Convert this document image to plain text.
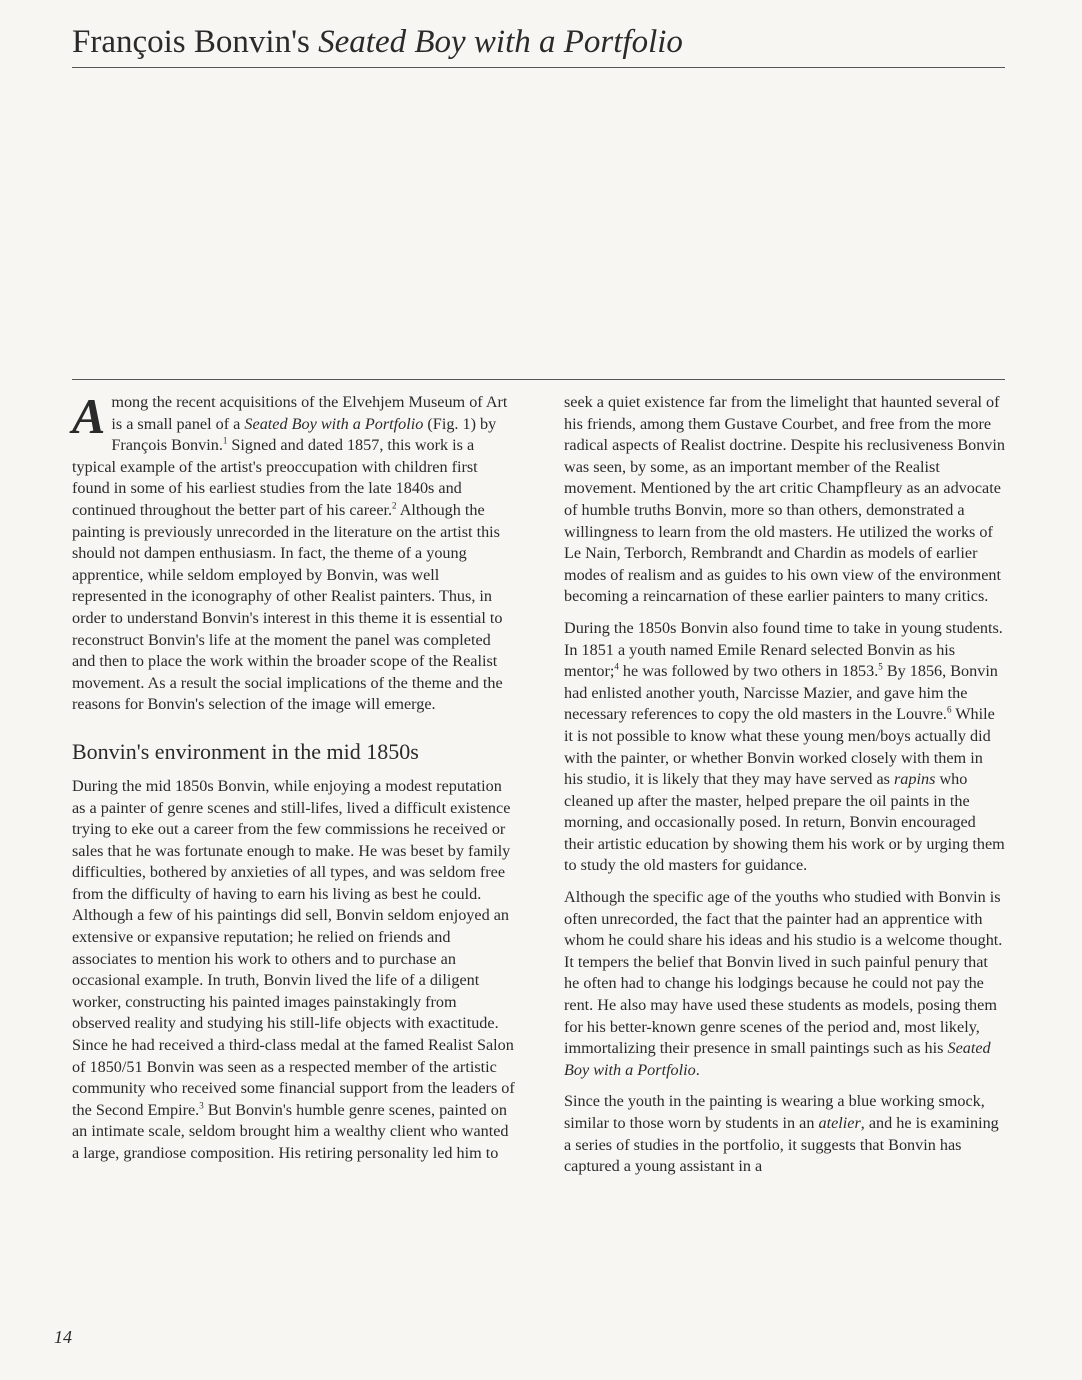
François Bonvin's Seated Boy with a Portfolio

Among the recent acquisitions of the Elvehjem Museum of Art is a small panel of a Seated Boy with a Portfolio (Fig. 1) by François Bonvin.$^1$ Signed and dated 1857, this work is a typical example of the artist's preoccupation with children first found in some of his earliest studies from the late 1840s and continued throughout the better part of his career.$^2$ Although the painting is previously unrecorded in the literature on the artist this should not dampen enthusiasm. In fact, the theme of a young apprentice, while seldom employed by Bonvin, was well represented in the iconography of other Realist painters. Thus, in order to understand Bonvin's interest in this theme it is essential to reconstruct Bonvin's life at the moment the panel was completed and then to place the work within the broader scope of the Realist movement. As a result the social implications of the theme and the reasons for Bonvin's selection of the image will emerge.

Bonvin's environment in the mid 1850s

During the mid 1850s Bonvin, while enjoying a modest reputation as a painter of genre scenes and still-lifes, lived a difficult existence trying to eke out a career from the few commissions he received or sales that he was fortunate enough to make. He was beset by family difficulties, bothered by anxieties of all types, and was seldom free from the difficulty of having to earn his living as best he could. Although a few of his paintings did sell, Bonvin seldom enjoyed an extensive or expansive reputation; he relied on friends and associates to mention his work to others and to purchase an occasional example. In truth, Bonvin lived the life of a diligent worker, constructing his painted images painstakingly from observed reality and studying his still-life objects with exactitude. Since he had received a third-class medal at the famed Realist Salon of 1850/51 Bonvin was seen as a respected member of the artistic community who received some financial support from the leaders of the Second Empire.$^3$ But Bonvin's humble genre scenes, painted on an intimate scale, seldom brought him a wealthy client who wanted a large, grandiose composition. His retiring personality led him to

seek a quiet existence far from the limelight that haunted several of his friends, among them Gustave Courbet, and free from the more radical aspects of Realist doctrine. Despite his reclusiveness Bonvin was seen, by some, as an important member of the Realist movement. Mentioned by the art critic Champfleury as an advocate of humble truths Bonvin, more so than others, demonstrated a willingness to learn from the old masters. He utilized the works of Le Nain, Terborch, Rembrandt and Chardin as models of earlier modes of realism and as guides to his own view of the environment becoming a reincarnation of these earlier painters to many critics.

During the 1850s Bonvin also found time to take in young students. In 1851 a youth named Emile Renard selected Bonvin as his mentor;$^4$ he was followed by two others in 1853.$^5$ By 1856, Bonvin had enlisted another youth, Narcisse Mazier, and gave him the necessary references to copy the old masters in the Louvre.$^6$ While it is not possible to know what these young men/boys actually did with the painter, or whether Bonvin worked closely with them in his studio, it is likely that they may have served as rapins who cleaned up after the master, helped prepare the oil paints in the morning, and occasionally posed. In return, Bonvin encouraged their artistic education by showing them his work or by urging them to study the old masters for guidance.

Although the specific age of the youths who studied with Bonvin is often unrecorded, the fact that the painter had an apprentice with whom he could share his ideas and his studio is a welcome thought. It tempers the belief that Bonvin lived in such painful penury that he often had to change his lodgings because he could not pay the rent. He also may have used these students as models, posing them for his better-known genre scenes of the period and, most likely, immortalizing their presence in small paintings such as his Seated Boy with a Portfolio.

Since the youth in the painting is wearing a blue working smock, similar to those worn by students in an atelier, and he is examining a series of studies in the portfolio, it suggests that Bonvin has captured a young assistant in a

14
